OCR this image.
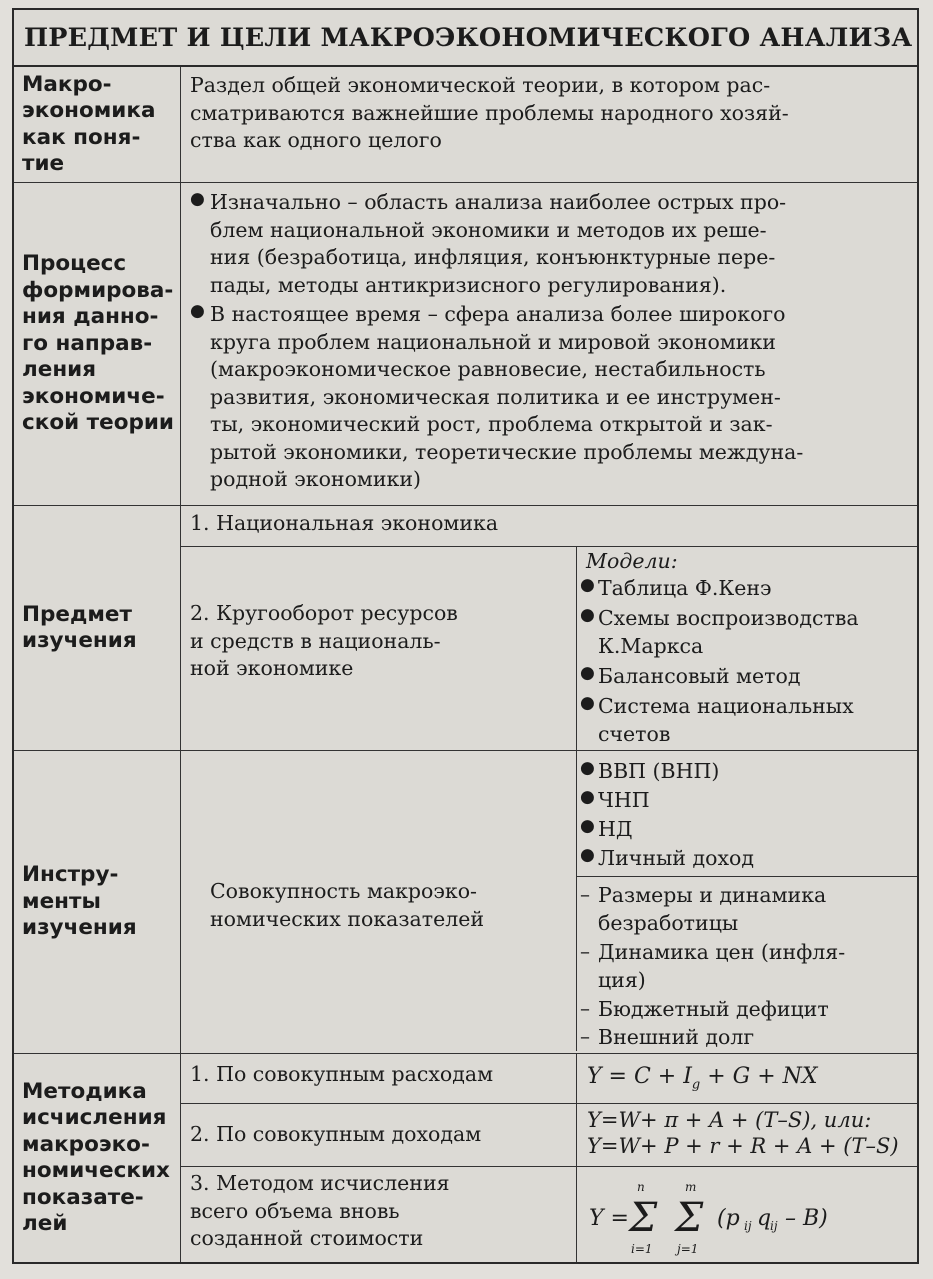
ПРЕДМЕТ И ЦЕЛИ МАКРОЭКОНОМИЧЕСКОГО АНАЛИЗА
Макро-
экономика
как поня-
тие
Раздел общей экономической теории, в котором рас-
сматриваются важнейшие проблемы народного хозяй-
ства как одного целого
Процесс
формирова-
ния данно-
го направ-
ления
экономиче-
ской теории
● Изначально – область анализа наиболее острых про-
блем национальной экономики и методов их решe-
ния (безработица, инфляция, конъюнктурные пере-
пады, методы антикризисного регулирования).
● В настоящее время – сфера анализа более широкого
круга проблем национальной и мировой экономики
(макроэкономическое равновесие, нестабильность
развития, экономическая политика и ее инструмен-
ты, экономический рост, проблема открытой и зак-
рытой экономики, теоретические проблемы междуна-
родной экономики)
Предмет
изучения
1. Национальная экономика
2. Кругооборот ресурсов
и средств в националь-
ной экономике
Модели:
● Таблица Ф.Кенэ
● Схемы воспроизводства
К.Маркса
● Балансовый метод
● Система национальных
счетов
Инстру-
менты
изучения
Совокупность макроэко-
номических показателей
● ВВП (ВНП)
● ЧНП
● НД
● Личный доход
– Размеры и динамика
безработицы
– Динамика цен (инфля-
ция)
– Бюджетный дефицит
– Внешний долг
Методика
исчисления
макроэко-
номических
показате-
лей
1. По совокупным расходам
2. По совокупным доходам
3. Методом исчисления
всего объема вновь
созданной стоимости
$Y = C + I_g + G$ + NX
Y=W+ π + A + (T–S), или:
Y=W+ P + r + R + A + (T–S)
Y =
n
Σ
i=1
m
Σ
j=1
(p ij q
ij – B)
